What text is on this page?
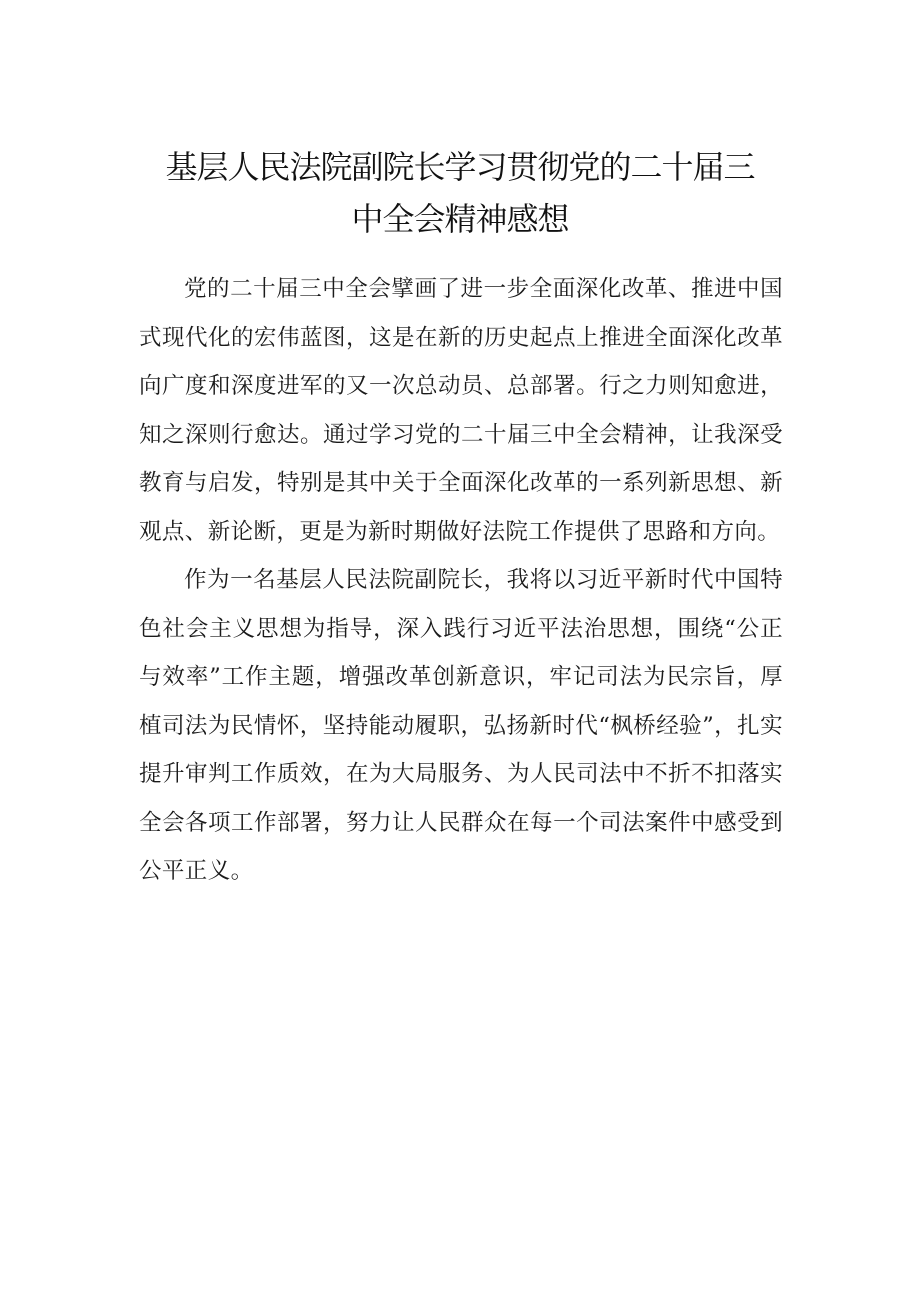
基层人民法院副院长学习贯彻党的二十届三
中全会精神感想

党的二十届三中全会擘画了进一步全面深化改革、推进中国式现代化的宏伟蓝图，这是在新的历史起点上推进全面深化改革向广度和深度进军的又一次总动员、总部署。行之力则知愈进，知之深则行愈达。通过学习党的二十届三中全会精神，让我深受教育与启发，特别是其中关于全面深化改革的一系列新思想、新观点、新论断，更是为新时期做好法院工作提供了思路和方向。

作为一名基层人民法院副院长，我将以习近平新时代中国特色社会主义思想为指导，深入践行习近平法治思想，围绕“公正与效率”工作主题，增强改革创新意识，牢记司法为民宗旨，厚植司法为民情怀，坚持能动履职，弘扬新时代“枫桥经验”，扎实提升审判工作质效，在为大局服务、为人民司法中不折不扣落实全会各项工作部署，努力让人民群众在每一个司法案件中感受到公平正义。
